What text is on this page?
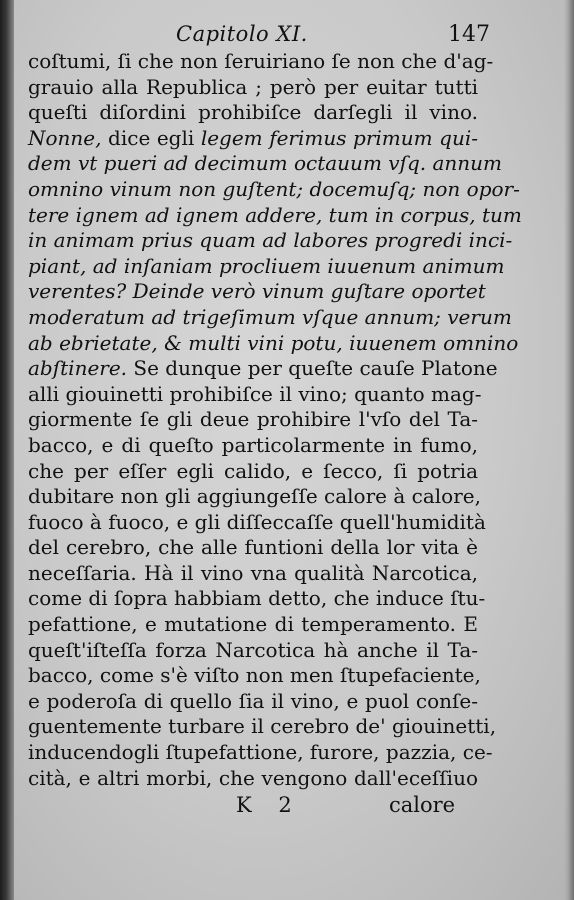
Capitolo XI.	147
coſtumi, ſi che non ſeruiriano ſe non che d'ag-
grauio alla Republica ; però per euitar tutti
queſti diſordini prohibiſce darſegli il vino.
Nonne, dice egli legem ferimus primum qui-
dem vt pueri ad decimum octauum vſq. annum
omnino vinum non guſtent; docemuſq; non opor-
tere ignem ad ignem addere, tum in corpus, tum
in animam prius quam ad labores progredi inci-
piant, ad inſaniam procliuem iuuenum animum
verentes? Deinde verò vinum guſtare oportet
moderatum ad trigeſimum vſque annum; verum
ab ebrietate, & multi vini potu, iuuenem omnino
abſtinere. Se dunque per queſte cauſe Platone
alli giouinetti prohibiſce il vino; quanto mag-
giormente ſe gli deue prohibire l'vſo del Ta-
bacco, e di queſto particolarmente in fumo,
che per eſſer egli calido, e ſecco, ſi potria
dubitare non gli aggiungeſſe calore à calore,
fuoco à fuoco, e gli diſſeccaſſe quell'humidità
del cerebro, che alle funtioni della lor vita è
neceſſaria. Hà il vino vna qualità Narcotica,
come di ſopra habbiam detto, che induce ſtu-
pefattione, e mutatione di temperamento. E
queſt'iſteſſa forza Narcotica hà anche il Ta-
bacco, come s'è viſto non men ſtupefaciente,
e poderoſa di quello ſia il vino, e puol conſe-
guentemente turbare il cerebro de' giouinetti,
inducendogli ſtupefattione, furore, pazzia, ce-
cità, e altri morbi, che vengono dall'eceſſiuo
K 2	calore
